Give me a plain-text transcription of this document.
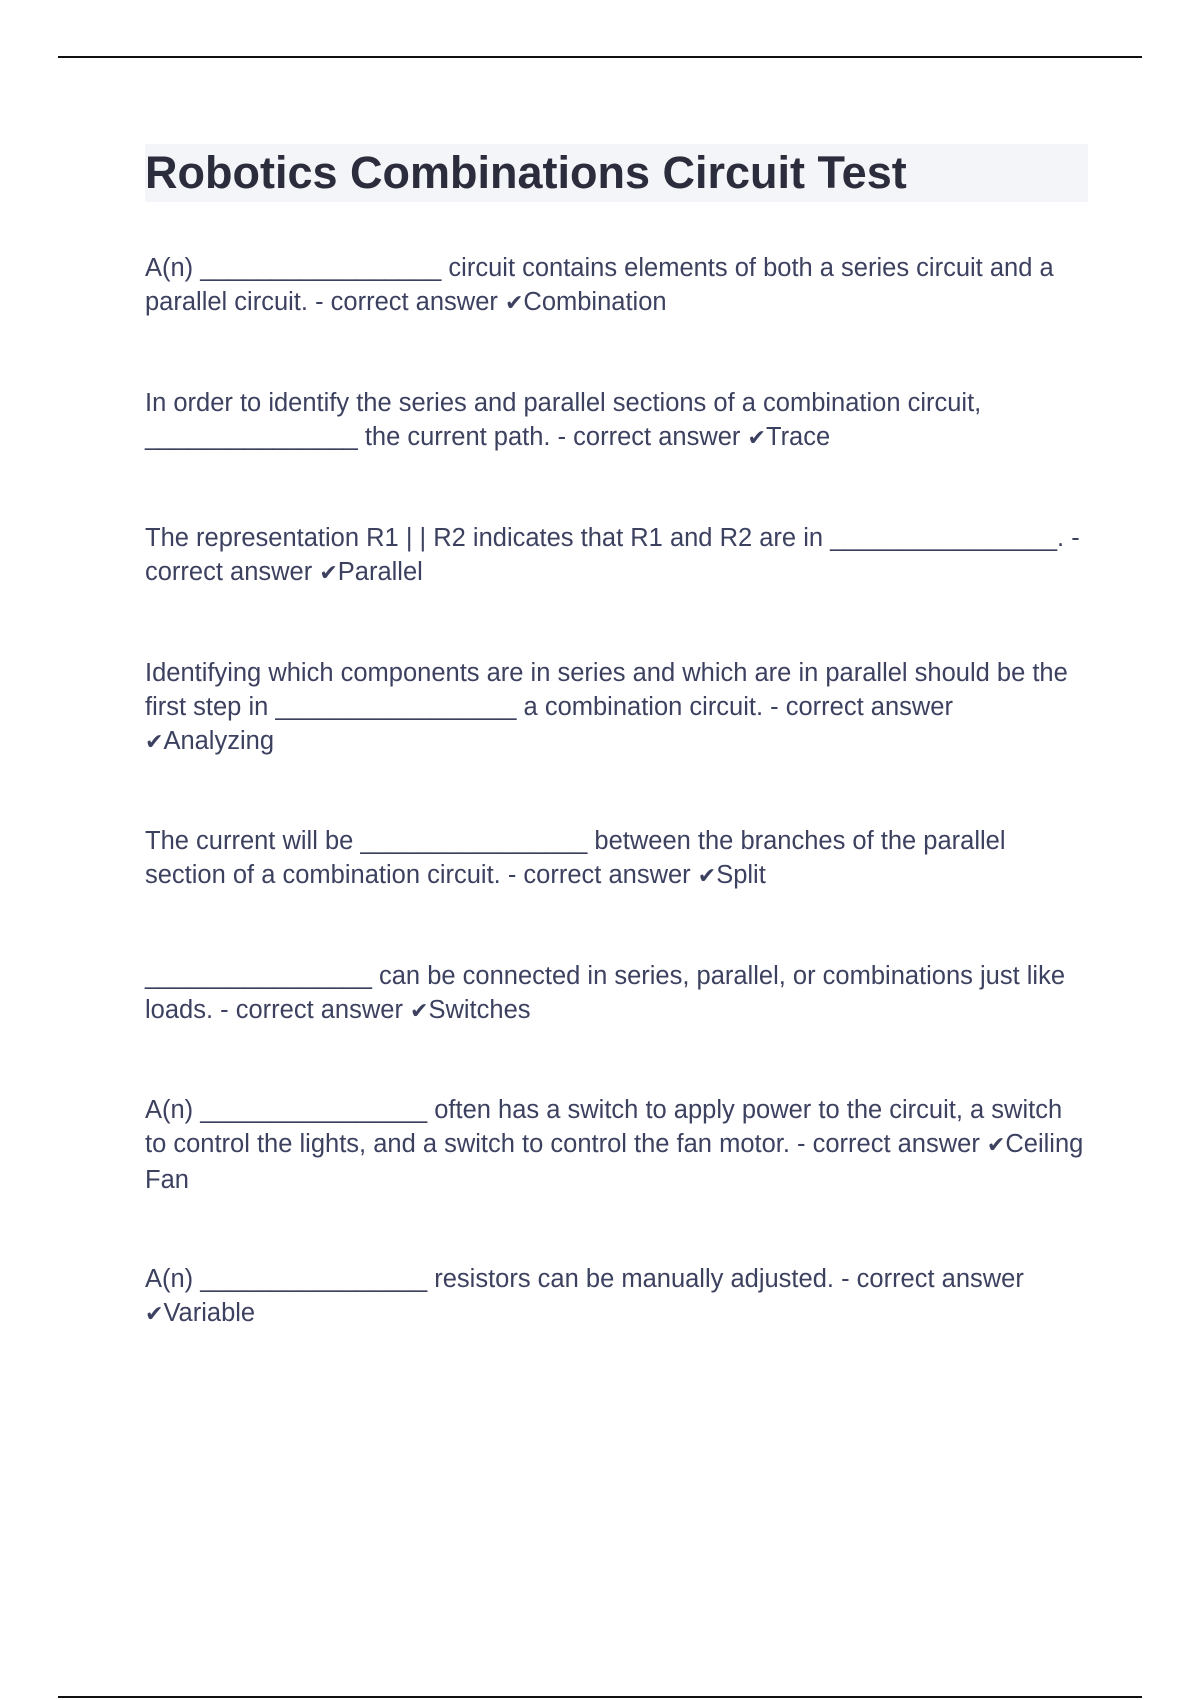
Robotics Combinations Circuit Test

A(n) _________________ circuit contains elements of both a series circuit and a parallel circuit. - correct answer ✔Combination

In order to identify the series and parallel sections of a combination circuit, _______________ the current path. - correct answer ✔Trace

The representation R1 | | R2 indicates that R1 and R2 are in ________________. - correct answer ✔Parallel

Identifying which components are in series and which are in parallel should be the first step in _________________ a combination circuit. - correct answer ✔Analyzing

The current will be ________________ between the branches of the parallel section of a combination circuit. - correct answer ✔Split

________________ can be connected in series, parallel, or combinations just like loads. - correct answer ✔Switches

A(n) ________________ often has a switch to apply power to the circuit, a switch to control the lights, and a switch to control the fan motor. - correct answer ✔Ceiling Fan

A(n) ________________ resistors can be manually adjusted. - correct answer ✔Variable
